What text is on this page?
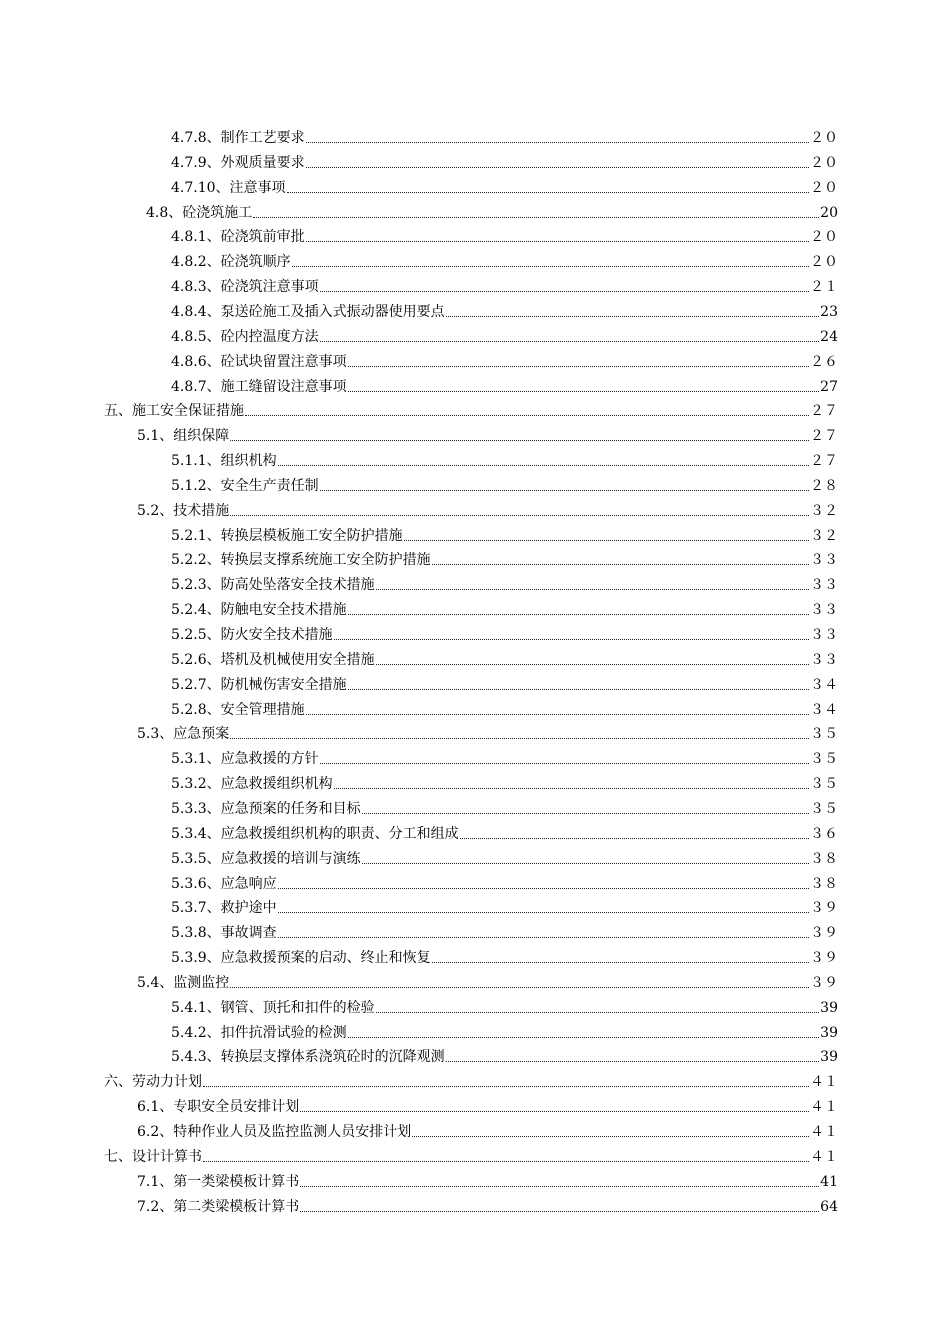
4.7.8、制作工艺要求	２０
4.7.9、外观质量要求	２０
4.7.10、注意事项	２０
4.8、砼浇筑施工	20
4.8.1、砼浇筑前审批	２０
4.8.2、砼浇筑顺序	２０
4.8.3、砼浇筑注意事项	２１
4.8.4、泵送砼施工及插入式振动器使用要点	23
4.8.5、砼内控温度方法	24
4.8.6、砼试块留置注意事项	２６
4.8.7、施工缝留设注意事项	27
五、施工安全保证措施	２７
5.1、组织保障	２７
5.1.1、组织机构	２７
5.1.2、安全生产责任制	２８
5.2、技术措施	３２
5.2.1、转换层模板施工安全防护措施	３２
5.2.2、转换层支撑系统施工安全防护措施	３３
5.2.3、防高处坠落安全技术措施	３３
5.2.4、防触电安全技术措施	３３
5.2.5、防火安全技术措施	３３
5.2.6、塔机及机械使用安全措施	３３
5.2.7、防机械伤害安全措施	３４
5.2.8、安全管理措施	３４
5.3、应急预案	３５
5.3.1、应急救援的方针	３５
5.3.2、应急救援组织机构	３５
5.3.3、应急预案的任务和目标	３５
5.3.4、应急救援组织机构的职责、分工和组成	３６
5.3.5、应急救援的培训与演练	３８
5.3.6、应急响应	３８
5.3.7、救护途中	３９
5.3.8、事故调查	３９
5.3.9、应急救援预案的启动、终止和恢复	３９
5.4、监测监控	３９
5.4.1、钢管、顶托和扣件的检验	39
5.4.2、扣件抗滑试验的检测	39
5.4.3、转换层支撑体系浇筑砼时的沉降观测	39
六、劳动力计划	４１
6.1、专职安全员安排计划	４１
6.2、特种作业人员及监控监测人员安排计划	４１
七、设计计算书	４１
7.1、第一类梁模板计算书	41
7.2、第二类梁模板计算书	64
